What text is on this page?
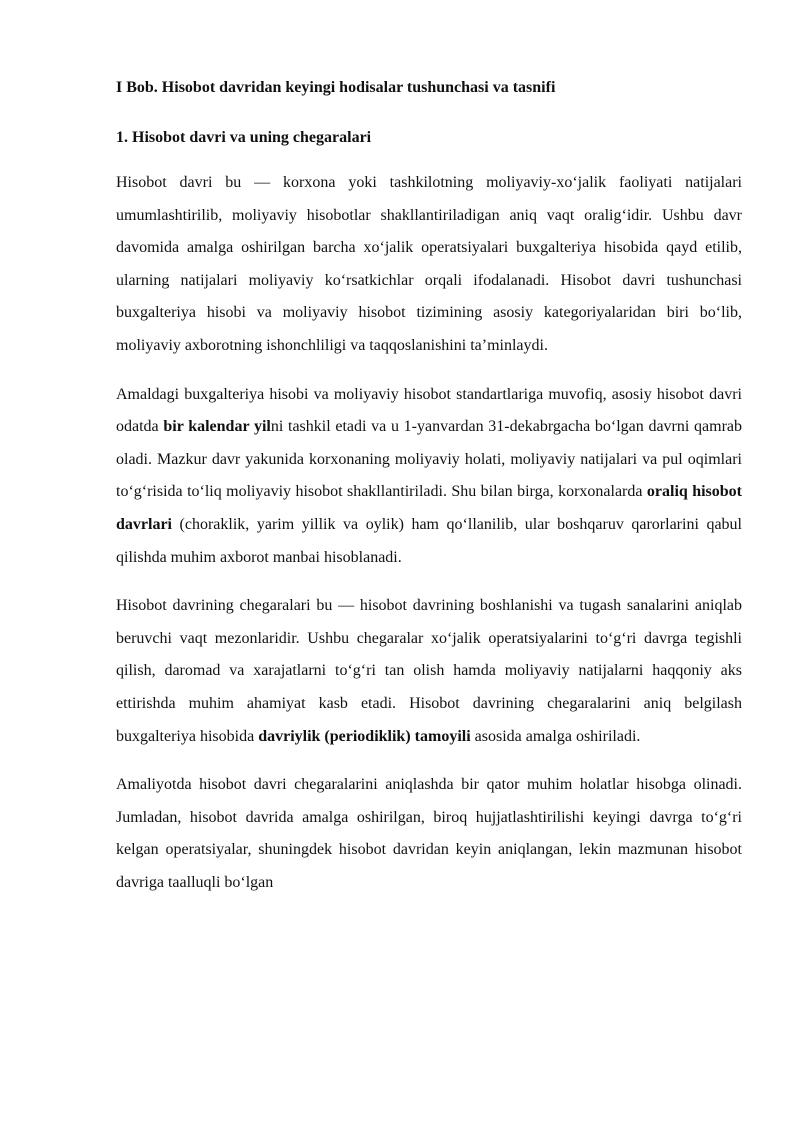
I Bob. Hisobot davridan keyingi hodisalar tushunchasi va tasnifi
1. Hisobot davri va uning chegaralari

Hisobot davri bu — korxona yoki tashkilotning moliyaviy-xo‘jalik faoliyati natijalari umumlashtirilib, moliyaviy hisobotlar shakllantiriladigan aniq vaqt oralig‘idir. Ushbu davr davomida amalga oshirilgan barcha xo‘jalik operatsiyalari buxgalteriya hisobida qayd etilib, ularning natijalari moliyaviy ko‘rsatkichlar orqali ifodalanadi. Hisobot davri tushunchasi buxgalteriya hisobi va moliyaviy hisobot tizimining asosiy kategoriyalaridan biri bo‘lib, moliyaviy axborotning ishonchliligi va taqqoslanishini ta’minlaydi.

Amaldagi buxgalteriya hisobi va moliyaviy hisobot standartlariga muvofiq, asosiy hisobot davri odatda bir kalendar yilni tashkil etadi va u 1-yanvardan 31-dekabrgacha bo‘lgan davrni qamrab oladi. Mazkur davr yakunida korxonaning moliyaviy holati, moliyaviy natijalari va pul oqimlari to‘g‘risida to‘liq moliyaviy hisobot shakllantiriladi. Shu bilan birga, korxonalarda oraliq hisobot davrlari (choraklik, yarim yillik va oylik) ham qo‘llanilib, ular boshqaruv qarorlarini qabul qilishda muhim axborot manbai hisoblanadi.

Hisobot davrining chegaralari bu — hisobot davrining boshlanishi va tugash sanalarini aniqlab beruvchi vaqt mezonlaridir. Ushbu chegaralar xo‘jalik operatsiyalarini to‘g‘ri davrga tegishli qilish, daromad va xarajatlarni to‘g‘ri tan olish hamda moliyaviy natijalarni haqqoniy aks ettirishda muhim ahamiyat kasb etadi. Hisobot davrining chegaralarini aniq belgilash buxgalteriya hisobida davriylik (periodiklik) tamoyili asosida amalga oshiriladi.

Amaliyotda hisobot davri chegaralarini aniqlashda bir qator muhim holatlar hisobga olinadi. Jumladan, hisobot davrida amalga oshirilgan, biroq hujjatlashtirilishi keyingi davrga to‘g‘ri kelgan operatsiyalar, shuningdek hisobot davridan keyin aniqlangan, lekin mazmunan hisobot davriga taalluqli bo‘lgan
